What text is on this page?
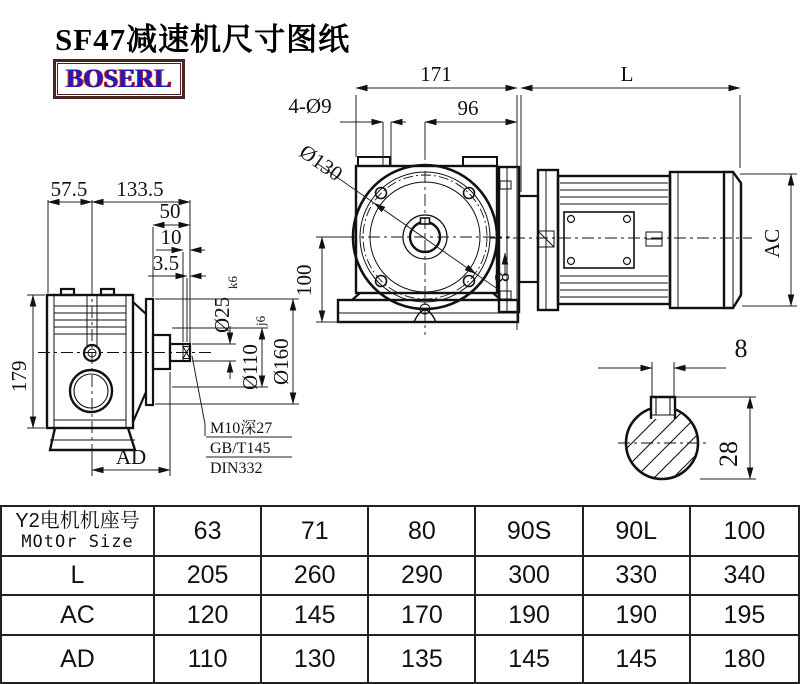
171	L
96
4-Ø9
Ø130
100	8
57.5 133.5
50
10
3.5
179
AD
Ø25
k6
Ø110
j6
Ø160
M10深27
GB/T145
DIN332
AC
8
28
SF47减速机尺寸图纸
BOSERL
Y2电机机座号
MOtOr Size	63	71	80	90S	90L	100
L	205	260	290	300	330	340
AC	120	145	170	190	190	195
AD	110	130	135	145	145	180
